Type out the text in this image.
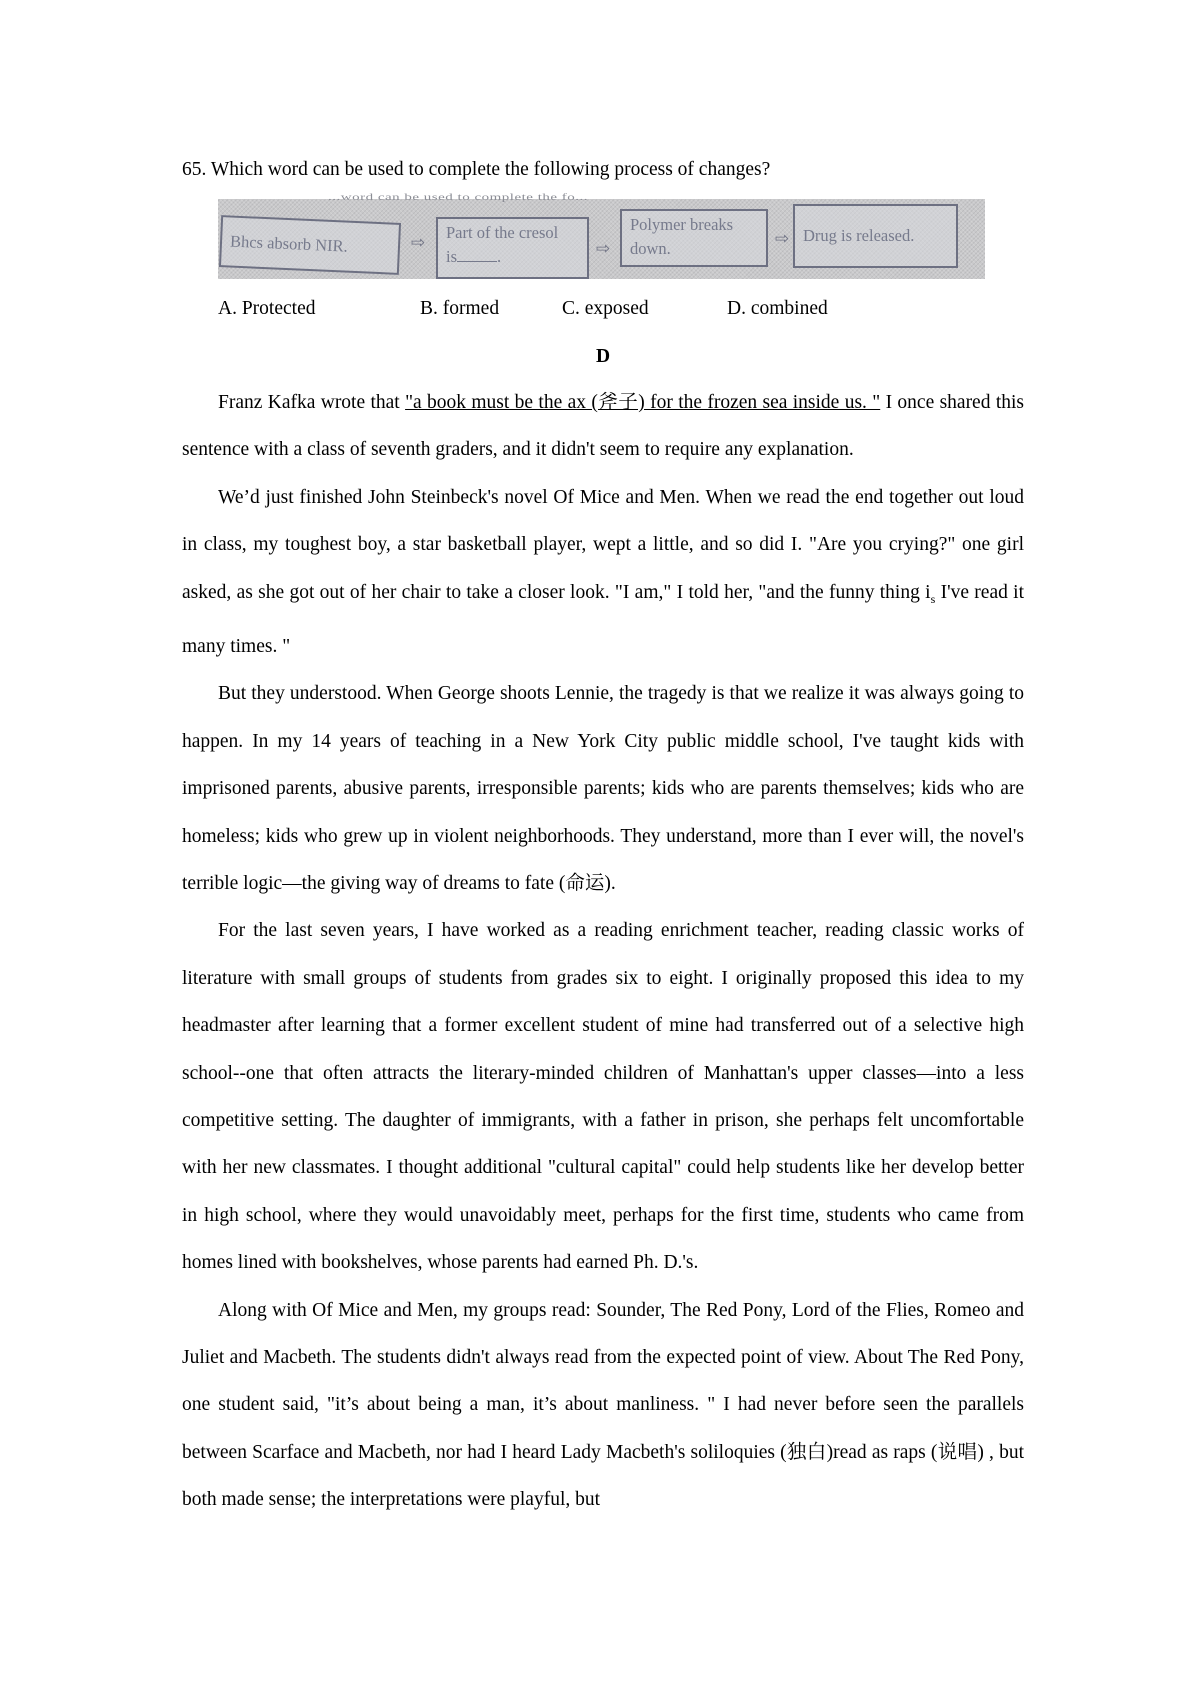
65. Which word can be used to complete the following process of changes?

...word can be used to complete the fo...
Bhcs absorb NIR.	⇨
Part of the cresol
is .	⇨
Polymer breaks
down.	⇨ Drug is released.
A. Protected	B. formed	C. exposed	D. combined
D

Franz Kafka wrote that "a book must be the ax (斧子) for the frozen sea inside us. " I once shared this sentence with a class of seventh graders, and it didn't seem to require any explanation.

We’d just finished John Steinbeck's novel Of Mice and Men. When we read the end together out loud in class, my toughest boy, a star basketball player, wept a little, and so did I. "Are you crying?" one girl asked, as she got out of her chair to take a closer look. "I am," I told her, "and the funny thing $i_s$ I've read it many times. "

But they understood. When George shoots Lennie, the tragedy is that we realize it was always going to happen. In my 14 years of teaching in a New York City public middle school, I've taught kids with imprisoned parents, abusive parents, irresponsible parents; kids who are parents themselves; kids who are homeless; kids who grew up in violent neighborhoods. They understand, more than I ever will, the novel's terrible logic—the giving way of dreams to fate (命运).

For the last seven years, I have worked as a reading enrichment teacher, reading classic works of literature with small groups of students from grades six to eight. I originally proposed this idea to my headmaster after learning that a former excellent student of mine had transferred out of a selective high school--one that often attracts the literary-minded children of Manhattan's upper classes—into a less competitive setting. The daughter of immigrants, with a father in prison, she perhaps felt uncomfortable with her new classmates. I thought additional "cultural capital" could help students like her develop better in high school, where they would unavoidably meet, perhaps for the first time, students who came from homes lined with bookshelves, whose parents had earned Ph. D.'s.

Along with Of Mice and Men, my groups read: Sounder, The Red Pony, Lord of the Flies, Romeo and Juliet and Macbeth. The students didn't always read from the expected point of view. About The Red Pony, one student said, "it’s about being a man, it’s about manliness. " I had never before seen the parallels between Scarface and Macbeth, nor had I heard Lady Macbeth's soliloquies (独白)read as raps (说唱) , but both made sense; the interpretations were playful, but
